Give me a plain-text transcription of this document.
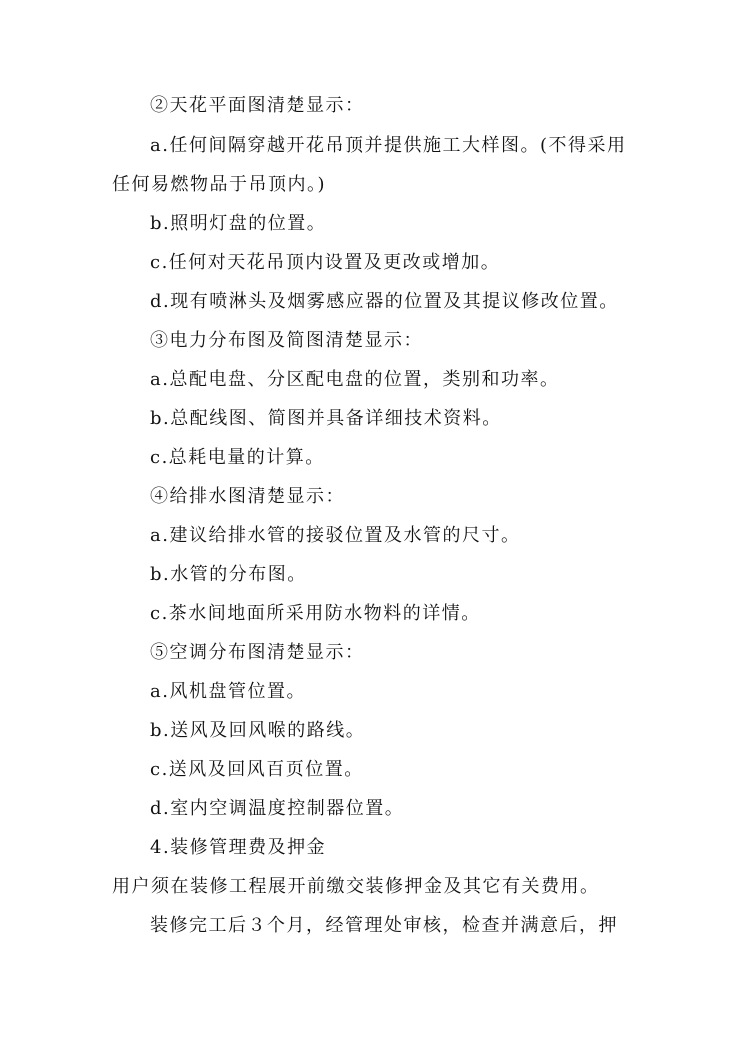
②天花平面图清楚显示：
a.任何间隔穿越开花吊顶并提供施工大样图。(不得采用
任何易燃物品于吊顶内。)
b.照明灯盘的位置。
c.任何对天花吊顶内设置及更改或增加。
d.现有喷淋头及烟雾感应器的位置及其提议修改位置。
③电力分布图及简图清楚显示：
a.总配电盘、分区配电盘的位置，类别和功率。
b.总配线图、简图并具备详细技术资料。
c.总耗电量的计算。
④给排水图清楚显示：
a.建议给排水管的接驳位置及水管的尺寸。
b.水管的分布图。
c.茶水间地面所采用防水物料的详情。
⑤空调分布图清楚显示：
a.风机盘管位置。
b.送风及回风喉的路线。
c.送风及回风百页位置。
d.室内空调温度控制器位置。
4.装修管理费及押金
用户须在装修工程展开前缴交装修押金及其它有关费用。
装修完工后３个月，经管理处审核，检查并满意后，押
